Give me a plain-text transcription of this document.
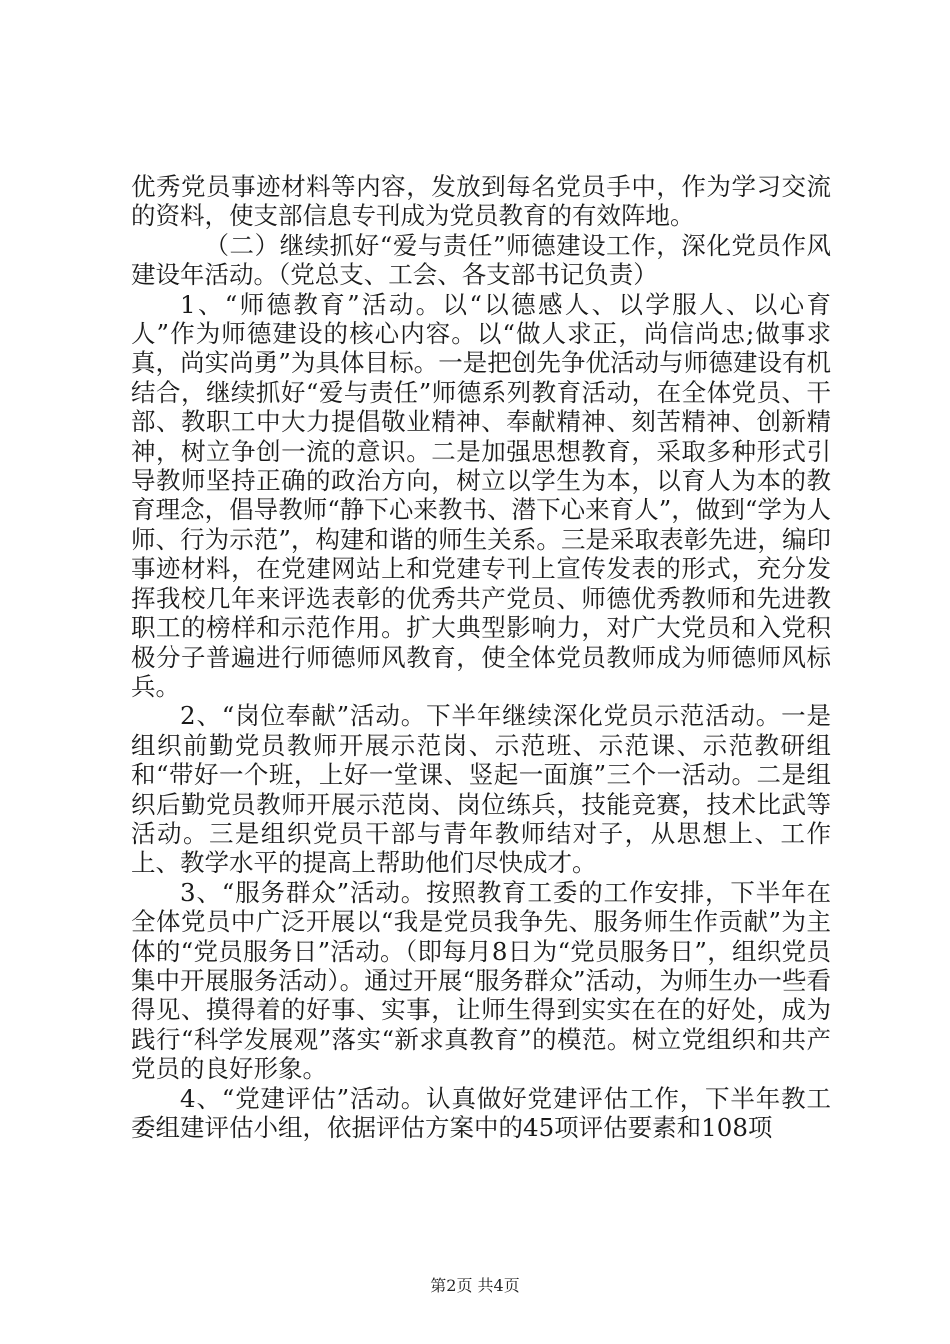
优秀党员事迹材料等内容，发放到每名党员手中，作为学习交流的资料，使支部信息专刊成为党员教育的有效阵地。

（二）继续抓好“爱与责任”师德建设工作，深化党员作风建设年活动。（党总支、工会、各支部书记负责）

1、“师德教育”活动。以“以德感人、以学服人、以心育人”作为师德建设的核心内容。以“做人求正，尚信尚忠;做事求真，尚实尚勇”为具体目标。一是把创先争优活动与师德建设有机结合，继续抓好“爱与责任”师德系列教育活动，在全体党员、干部、教职工中大力提倡敬业精神、奉献精神、刻苦精神、创新精神，树立争创一流的意识。二是加强思想教育，采取多种形式引导教师坚持正确的政治方向，树立以学生为本，以育人为本的教育理念，倡导教师“静下心来教书、潜下心来育人”，做到“学为人师、行为示范”，构建和谐的师生关系。三是采取表彰先进，编印事迹材料，在党建网站上和党建专刊上宣传发表的形式，充分发挥我校几年来评选表彰的优秀共产党员、师德优秀教师和先进教职工的榜样和示范作用。扩大典型影响力，对广大党员和入党积极分子普遍进行师德师风教育，使全体党员教师成为师德师风标兵。

2、“岗位奉献”活动。下半年继续深化党员示范活动。一是组织前勤党员教师开展示范岗、示范班、示范课、示范教研组和“带好一个班，上好一堂课、竖起一面旗”三个一活动。二是组织后勤党员教师开展示范岗、岗位练兵，技能竞赛，技术比武等活动。三是组织党员干部与青年教师结对子，从思想上、工作上、教学水平的提高上帮助他们尽快成才。

3、“服务群众”活动。按照教育工委的工作安排，下半年在全体党员中广泛开展以“我是党员我争先、服务师生作贡献”为主体的“党员服务日”活动。（即每月8日为“党员服务日”，组织党员集中开展服务活动）。通过开展“服务群众”活动，为师生办一些看得见、摸得着的好事、实事，让师生得到实实在在的好处，成为践行“科学发展观”落实“新求真教育”的模范。树立党组织和共产党员的良好形象。

4、“党建评估”活动。认真做好党建评估工作，下半年教工委组建评估小组，依据评估方案中的45项评估要素和108项

第2页 共4页
